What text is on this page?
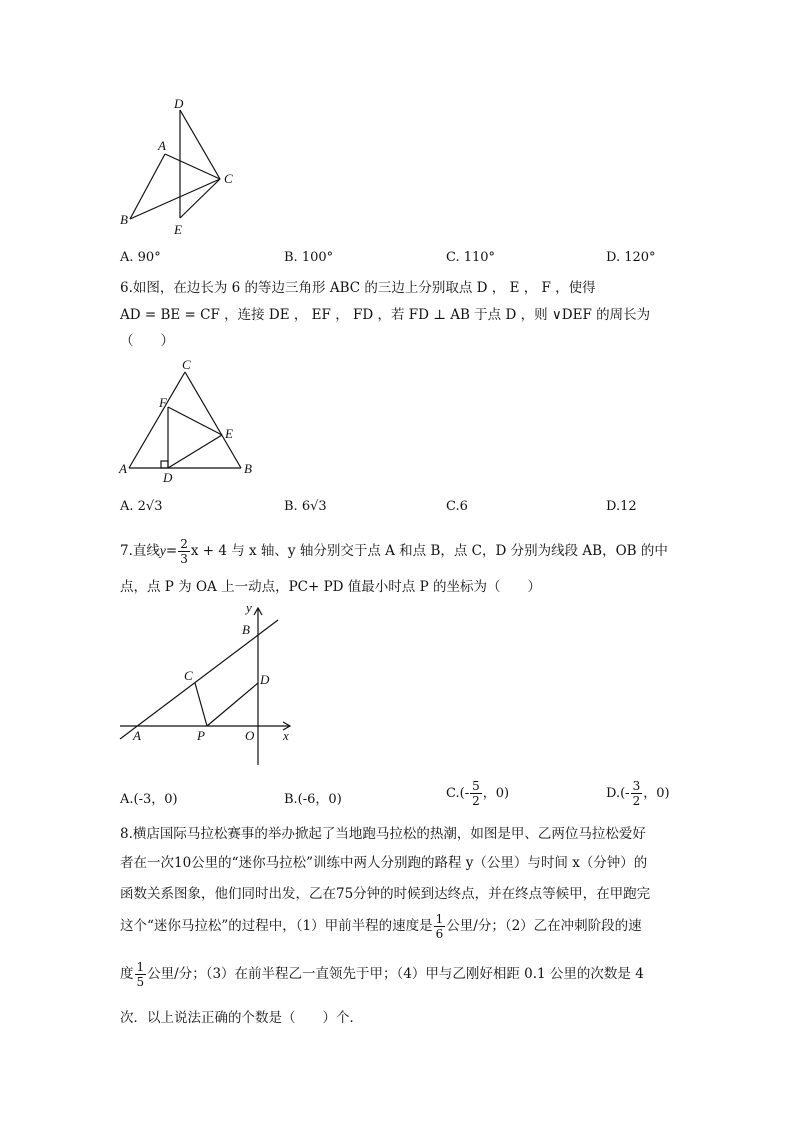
D
A
C
B
E
A. 90°	B. 100°	C. 110°	D. 120°
6.如图，在边长为 6 的等边三角形 ABC 的三边上分别取点 D ， E ， F ，使得
AD = BE = CF ，连接 DE ， EF ， FD ，若 FD ⊥ AB 于点 D ，则 ∨DEF 的周长为
（　　）
C
F
E
A
D
B
A. 2√3	B. 6√3	C.6	D.12
7.直线$y= \frac{2}{3}$ x + 4 与 x 轴、y 轴分别交于点 A 和点 B，点 C，D 分别为线段 AB，OB 的中
点，点 P 为 OA 上一动点，PC+ PD 值最小时点 P 的坐标为（　　）
y
B
C	D
A	P	O x
A.(-3，0)	B.(-6，0)	$C.(- \frac{5}{2}$ ，0)	$D.(- \frac{3}{2}$ ，0)
8.横店国际马拉松赛事的举办掀起了当地跑马拉松的热潮，如图是甲、乙两位马拉松爱好
者在一次10公里的“迷你马拉松”训练中两人分别跑的路程 y（公里）与时间 x（分钟）的
函数关系图象，他们同时出发，乙在75分钟的时候到达终点，并在终点等候甲，在甲跑完
这个“迷你马拉松”的过程中，（1）甲前半程的速度是 $\frac{1}{6}$ 公里/分；（2）乙在冲刺阶段的速
度 $\frac{1}{5}$ 公里/分；（3）在前半程乙一直领先于甲；（4）甲与乙刚好相距 0.1 公里的次数是 4
次．以上说法正确的个数是（　　）个．
